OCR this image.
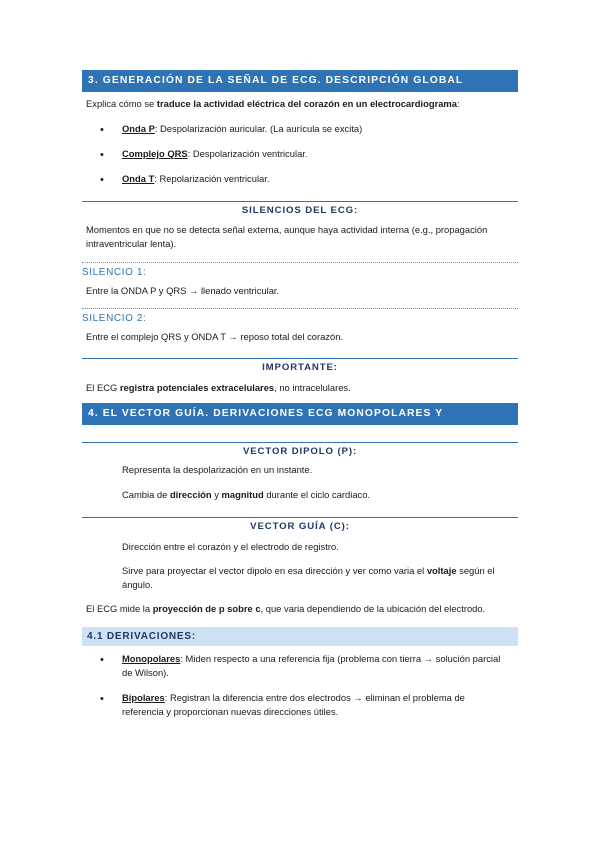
3. GENERACIÓN DE LA SEÑAL DE ECG. DESCRIPCIÓN GLOBAL
Explica cómo se traduce la actividad eléctrica del corazón en un electrocardiograma:
•	Onda P: Despolarización auricular. (La aurícula se excita)
•	Complejo QRS: Despolarización ventricular.
•	Onda T: Repolarización ventricular.
SILENCIOS DEL ECG:
Momentos en que no se detecta señal externa, aunque haya actividad interna (e.g., propagación
intraventricular lenta).
SILENCIO 1:
Entre la ONDA P y QRS → llenado ventricular.
SILENCIO 2:
Entre el complejo QRS y ONDA T → reposo total del corazón.
IMPORTANTE:
El ECG registra potenciales extracelulares, no intracelulares.
4. EL VECTOR GUÍA. DERIVACIONES ECG MONOPOLARES Y BIPOLARES
VECTOR DIPOLO (P):
Representa la despolarización en un instante.
Cambia de dirección y magnitud durante el ciclo cardiaco.
VECTOR GUÍA (C):
Dirección entre el corazón y el electrodo de registro.
Sirve para proyectar el vector dipolo en esa dirección y ver como varia el voltaje según el
ángulo.
El ECG mide la proyección de p sobre c, que varia dependiendo de la ubicación del electrodo.
4.1 DERIVACIONES:
•	Monopolares: Miden respecto a una referencia fija (problema con tierra → solución parcial
de Wilson).
•	Bipolares: Registran la diferencia entre dos electrodos → eliminan el problema de
referencia y proporcionan nuevas direcciones útiles.
